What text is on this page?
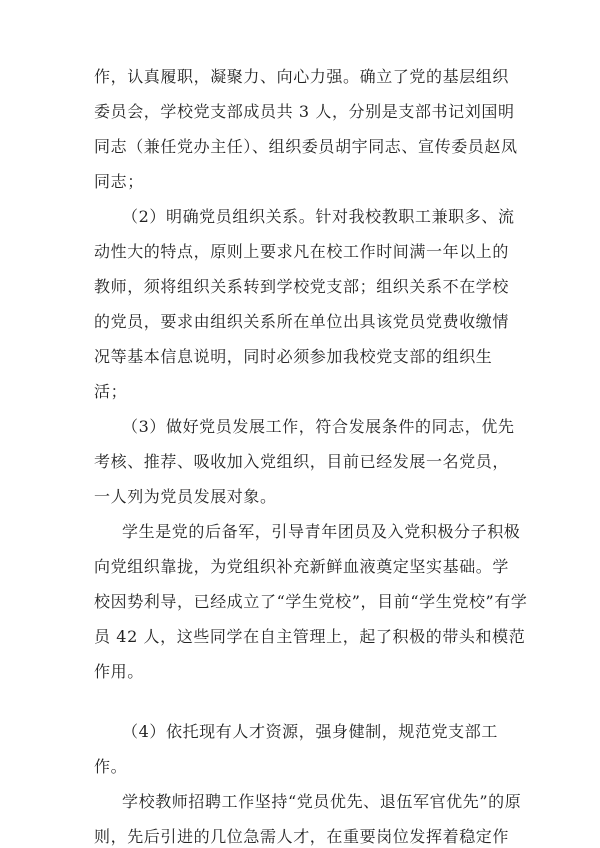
作，认真履职，凝聚力、向心力强。确立了党的基层组织
委员会，学校党支部成员共 3 人，分别是支部书记刘国明
同志（兼任党办主任）、组织委员胡宇同志、宣传委员赵凤
同志；
（2）明确党员组织关系。针对我校教职工兼职多、流
动性大的特点，原则上要求凡在校工作时间满一年以上的
教师，须将组织关系转到学校党支部；组织关系不在学校
的党员，要求由组织关系所在单位出具该党员党费收缴情
况等基本信息说明，同时必须参加我校党支部的组织生
活；
（3）做好党员发展工作，符合发展条件的同志，优先
考核、推荐、吸收加入党组织，目前已经发展一名党员，
一人列为党员发展对象。
学生是党的后备军，引导青年团员及入党积极分子积极
向党组织靠拢，为党组织补充新鲜血液奠定坚实基础。学
校因势利导，已经成立了“学生党校”，目前“学生党校”有学
员 42 人，这些同学在自主管理上，起了积极的带头和模范
作用。
（4）依托现有人才资源，强身健制，规范党支部工
作。
学校教师招聘工作坚持“党员优先、退伍军官优先”的原
则，先后引进的几位急需人才，在重要岗位发挥着稳定作
